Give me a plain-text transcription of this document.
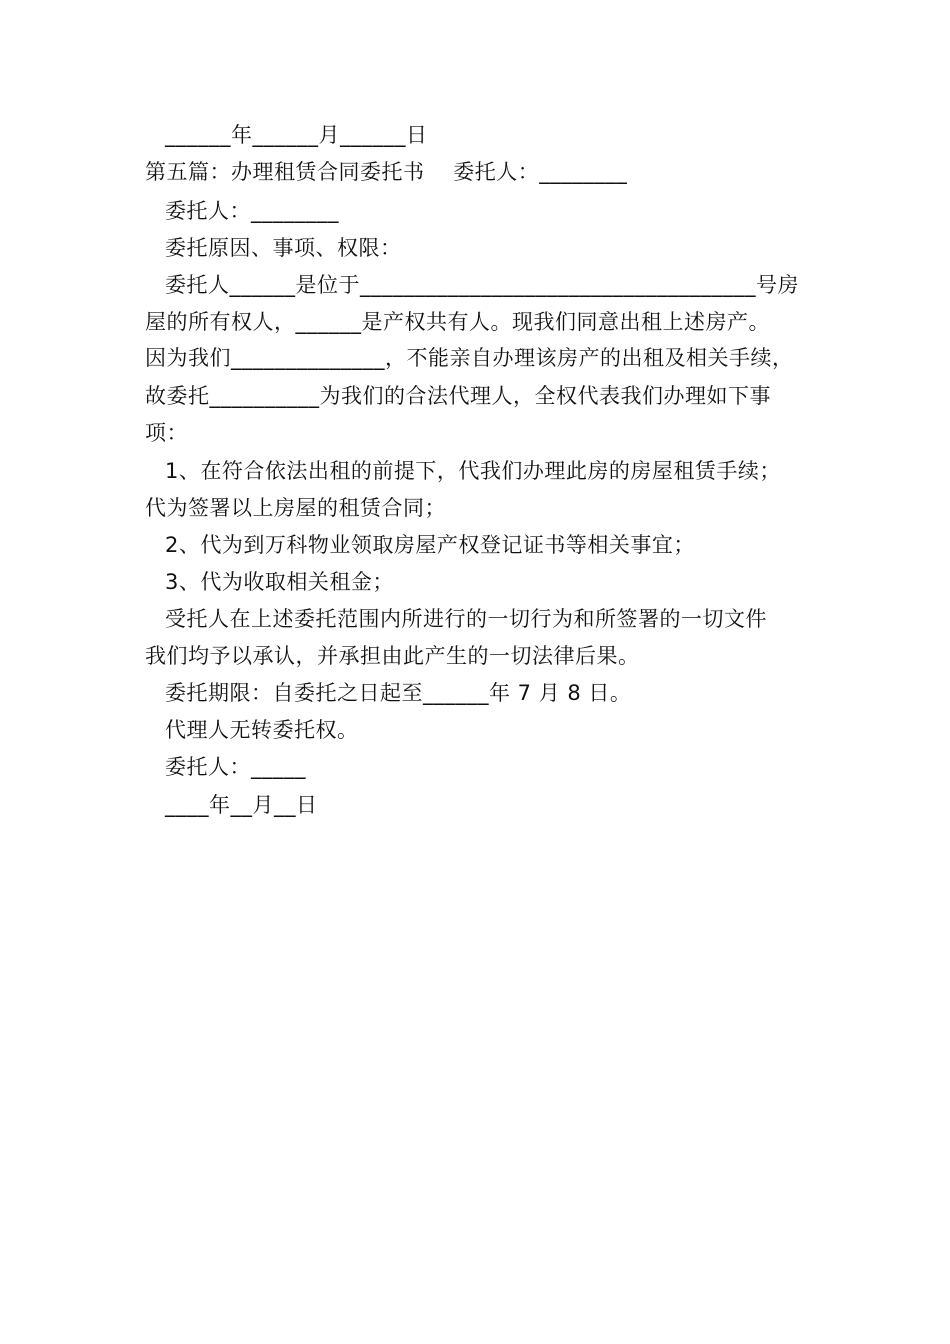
______年______月______日
第五篇：办理租赁合同委托书    委托人：________
委托人：________
委托原因、事项、权限：
委托人______是位于____________________________________号房
屋的所有权人，______是产权共有人。现我们同意出租上述房产。
因为我们______________，不能亲自办理该房产的出租及相关手续，
故委托__________为我们的合法代理人，全权代表我们办理如下事
项：
1、在符合依法出租的前提下，代我们办理此房的房屋租赁手续；
代为签署以上房屋的租赁合同；
2、代为到万科物业领取房屋产权登记证书等相关事宜；
3、代为收取相关租金；
受托人在上述委托范围内所进行的一切行为和所签署的一切文件
我们均予以承认，并承担由此产生的一切法律后果。
委托期限：自委托之日起至______年 7 月 8 日。
代理人无转委托权。
委托人：_____
____年__月__日
